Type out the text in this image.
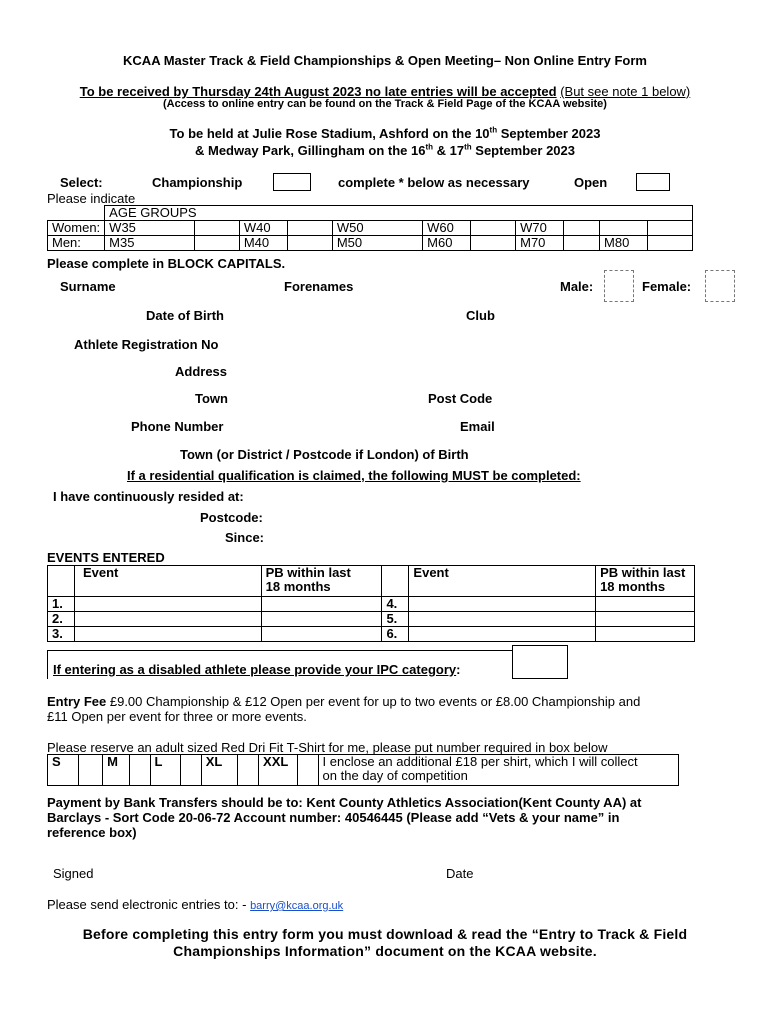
KCAA Master Track & Field Championships & Open Meeting– Non Online Entry Form
To be received by Thursday 24th August 2023 no late entries will be accepted (But see note 1 below)
(Access to online entry can be found on the Track & Field Page of the KCAA website)
To be held at Julie Rose Stadium, Ashford on the 10th September 2023
& Medway Park, Gillingham on the 16th & 17th September 2023
Select:	Championship	complete * below as necessary	Open
Please indicate
	AGE GROUPS										
Women:	W35		W40		W50	W60		W70			
Men:	M35		M40		M50	M60		M70		M80	
Please complete in BLOCK CAPITALS.
Surname	Forenames	Male:	Female:
Date of Birth	Club
Athlete Registration No
Address
Town	Post Code
Phone Number	Email
Town (or District / Postcode if London) of Birth
If a residential qualification is claimed, the following MUST be completed:
I have continuously resided at:
Postcode:
Since:
EVENTS ENTERED
	Event	PB within last
18 months		Event	PB within last
18 months
1.			4.		
2.			5.		
3.			6.		
If entering as a disabled athlete please provide your IPC category:
Entry Fee £9.00 Championship & £12 Open per event for up to two events or £8.00 Championship and
£11 Open per event for three or more events.
Please reserve an adult sized Red Dri Fit T-Shirt for me, please put number required in box below
S		M		L		XL		XXL		I enclose an additional £18 per shirt, which I will collect
on the day of competition
Payment by Bank Transfers should be to: Kent County Athletics Association(Kent County AA) at
Barclays - Sort Code 20-06-72 Account number: 40546445 (Please add “Vets & your name” in
reference box)
Signed	Date
Please send electronic entries to: - barry@kcaa.org.uk
Before completing this entry form you must download & read the “Entry to Track & Field
Championships Information” document on the KCAA website.
